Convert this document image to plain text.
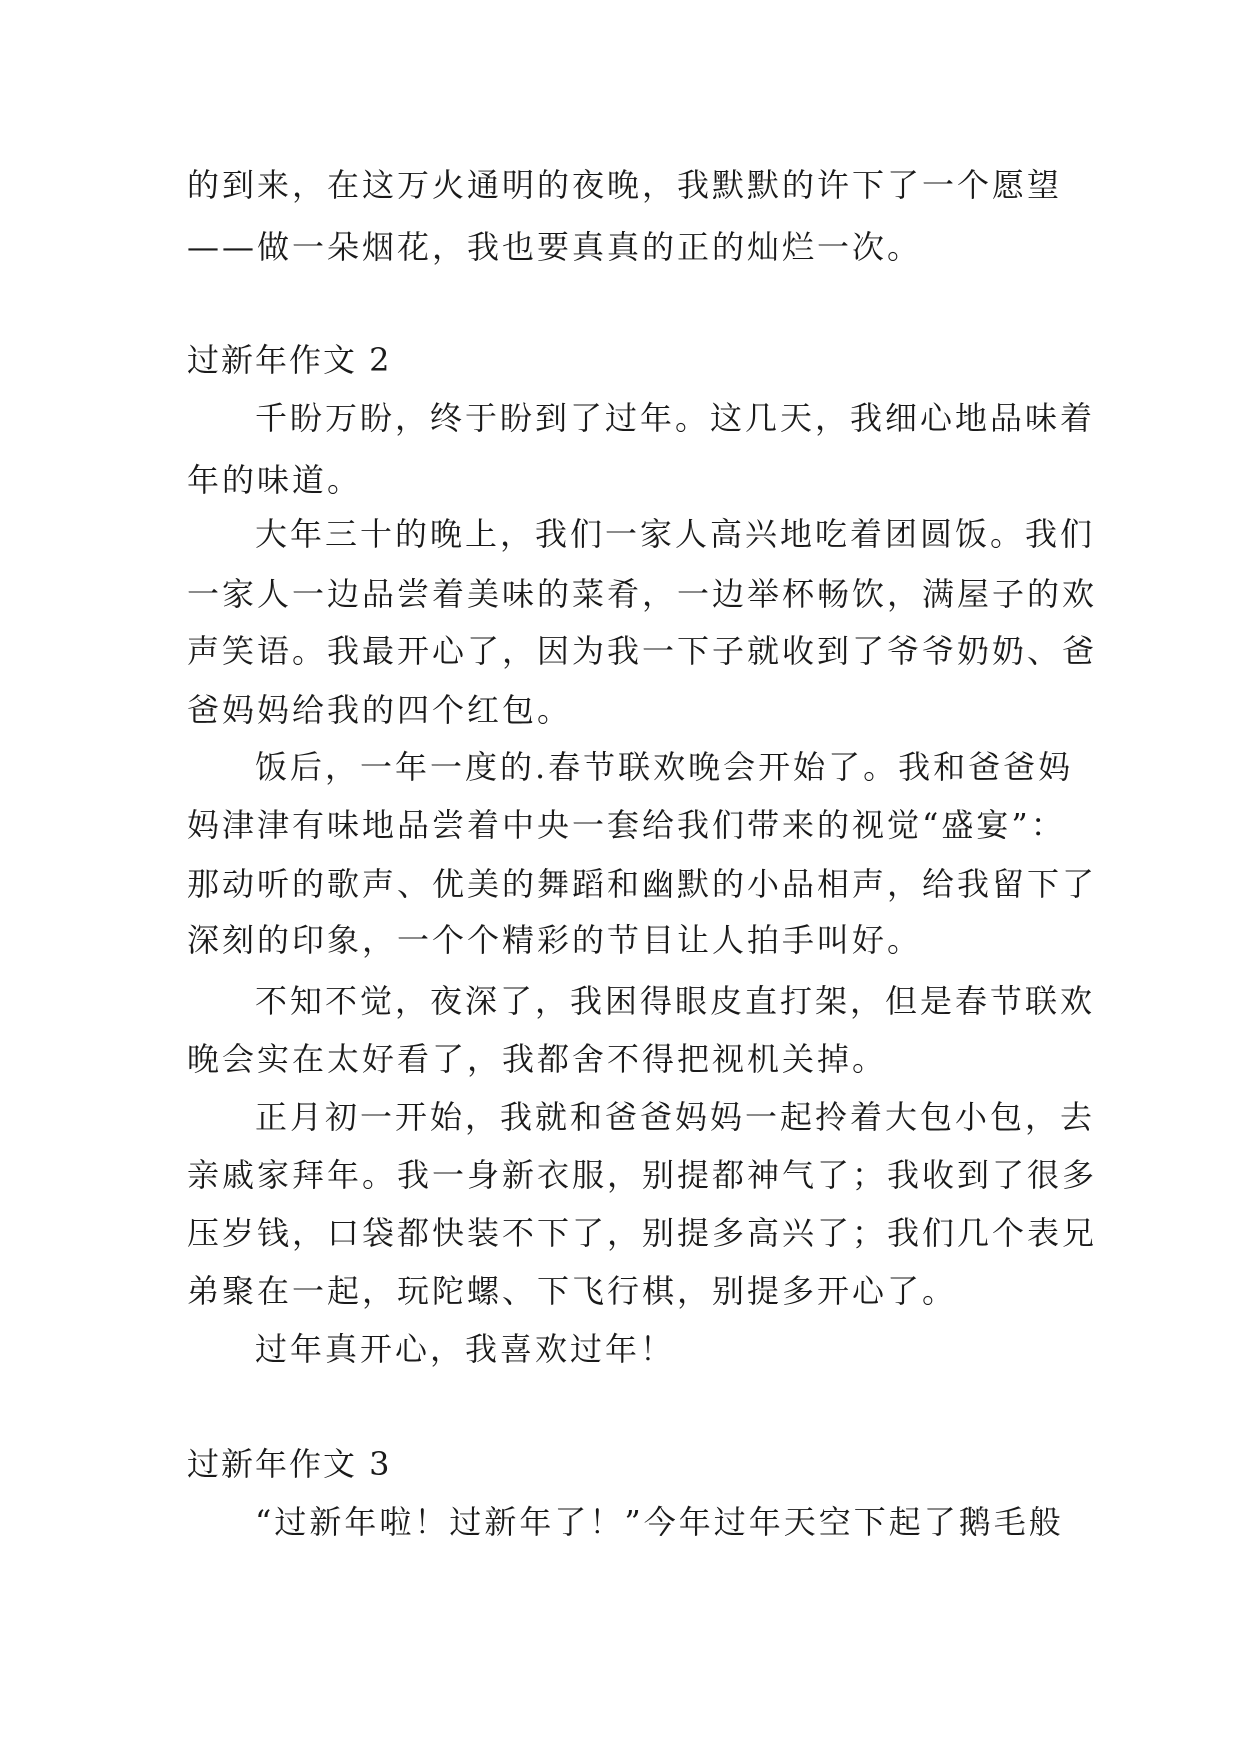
的到来，在这万火通明的夜晚，我默默的许下了一个愿望
——做一朵烟花，我也要真真的正的灿烂一次。
过新年作文 2
千盼万盼，终于盼到了过年。这几天，我细心地品味着
年的味道。
大年三十的晚上，我们一家人高兴地吃着团圆饭。我们
一家人一边品尝着美味的菜肴，一边举杯畅饮，满屋子的欢
声笑语。我最开心了，因为我一下子就收到了爷爷奶奶、爸
爸妈妈给我的四个红包。
饭后，一年一度的.春节联欢晚会开始了。我和爸爸妈
妈津津有味地品尝着中央一套给我们带来的视觉“盛宴”：
那动听的歌声、优美的舞蹈和幽默的小品相声，给我留下了
深刻的印象，一个个精彩的节目让人拍手叫好。
不知不觉，夜深了，我困得眼皮直打架，但是春节联欢
晚会实在太好看了，我都舍不得把视机关掉。
正月初一开始，我就和爸爸妈妈一起拎着大包小包，去
亲戚家拜年。我一身新衣服，别提都神气了；我收到了很多
压岁钱，口袋都快装不下了，别提多高兴了；我们几个表兄
弟聚在一起，玩陀螺、下飞行棋，别提多开心了。
过年真开心，我喜欢过年！
过新年作文 3
“过新年啦！过新年了！”今年过年天空下起了鹅毛般
